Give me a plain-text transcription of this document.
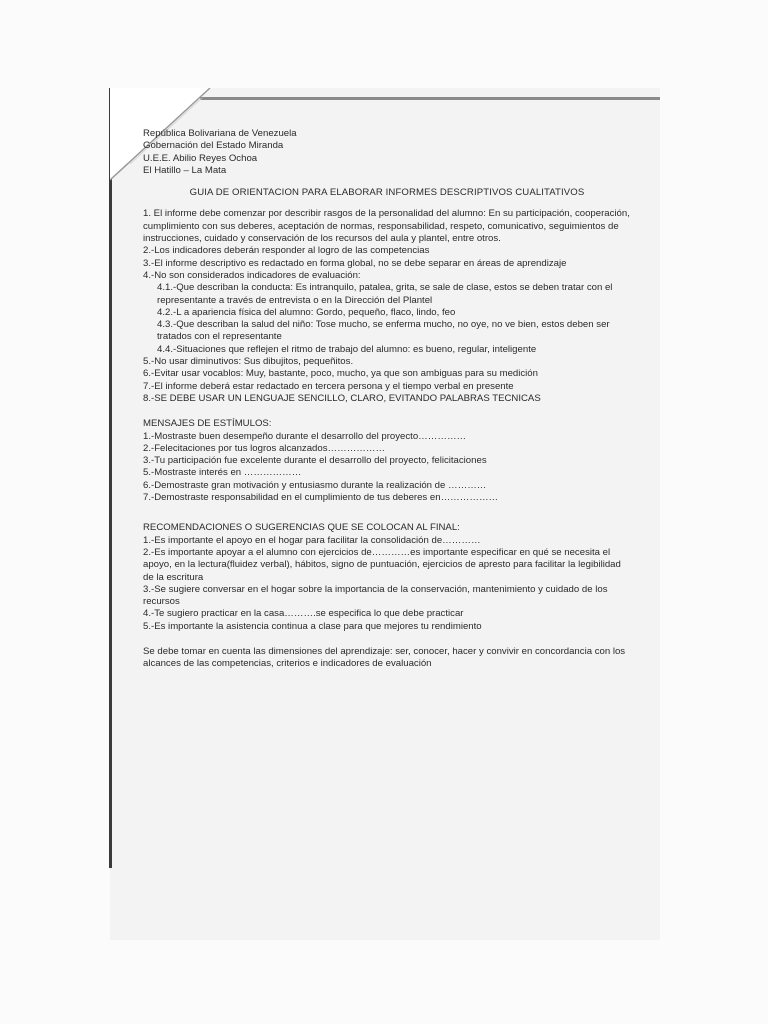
República Bolivariana de Venezuela
Gobernación del Estado Miranda
U.E.E. Abilio Reyes Ochoa
El Hatillo – La Mata
GUIA DE ORIENTACION PARA ELABORAR INFORMES DESCRIPTIVOS CUALITATIVOS

1. El informe debe comenzar por describir rasgos de la personalidad del alumno: En su participación, cooperación, cumplimiento con sus deberes, aceptación de normas, responsabilidad, respeto, comunicativo, seguimientos de instrucciones, cuidado y conservación de los recursos del aula y plantel, entre otros.

2.-Los indicadores deberán responder al logro de las competencias

3.-El informe descriptivo es redactado en forma global, no se debe separar en áreas de aprendizaje

4.-No son considerados indicadores de evaluación:

4.1.-Que describan la conducta: Es intranquilo, patalea, grita, se sale de clase, estos se deben tratar con el representante a través de entrevista o en la Dirección del Plantel

4.2.-L a apariencia física del alumno: Gordo, pequeño, flaco, lindo, feo

4.3.-Que describan la salud del niño: Tose mucho, se enferma mucho, no oye, no ve bien, estos deben ser tratados con el representante

4.4.-Situaciones que reflejen el ritmo de trabajo del alumno: es bueno, regular, inteligente

5.-No usar diminutivos: Sus dibujitos, pequeñitos.

6.-Evitar usar vocablos: Muy, bastante, poco, mucho, ya que son ambiguas para su medición

7.-El informe deberá estar redactado en tercera persona y el tiempo verbal en presente

8.-SE DEBE USAR UN LENGUAJE SENCILLO, CLARO, EVITANDO PALABRAS TECNICAS

MENSAJES DE ESTÍMULOS:

1.-Mostraste buen desempeño durante el desarrollo del proyecto……………

2.-Felecitaciones por tus logros alcanzados………………

3.-Tu participación fue excelente durante el desarrollo del proyecto, felicitaciones

5.-Mostraste interés en ………………

6.-Demostraste gran motivación y entusiasmo durante la realización de …………

7.-Demostraste responsabilidad en el cumplimiento de tus deberes en………………

RECOMENDACIONES O SUGERENCIAS QUE SE COLOCAN AL FINAL:

1.-Es importante el apoyo en el hogar para facilitar la consolidación de…………

2.-Es importante apoyar a el alumno con ejercicios de…………es importante especificar en qué se necesita el apoyo, en la lectura(fluidez verbal), hábitos, signo de puntuación, ejercicios de apresto para facilitar la legibilidad de la escritura

3.-Se sugiere conversar en el hogar sobre la importancia de la conservación, mantenimiento y cuidado de los recursos

4.-Te sugiero practicar en la casa……….se especifica lo que debe practicar

5.-Es importante la asistencia continua a clase para que mejores tu rendimiento

Se debe tomar en cuenta las dimensiones del aprendizaje: ser, conocer, hacer y convivir en concordancia con los alcances de las competencias, criterios e indicadores de evaluación
